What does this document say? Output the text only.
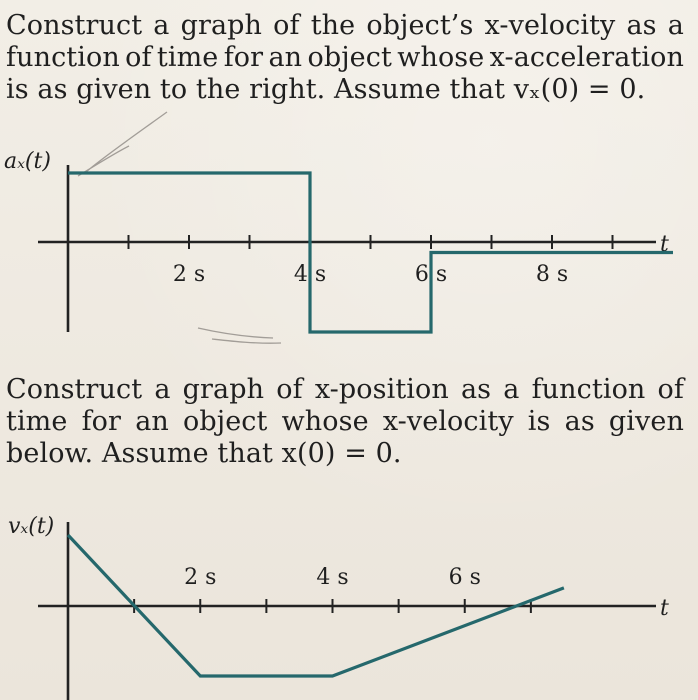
Construct a graph of the object’s x-velocity as a
function of time for an object whose x-acceleration
is as given to the right. Assume that vₓ(0) = 0.

aₓ(t)
t
2 s	4 s	6 s	8 s

Construct a graph of x-position as a function of
time for an object whose x-velocity is as given
below. Assume that x(0) = 0.

vₓ(t)
t
2 s	4 s	6 s
